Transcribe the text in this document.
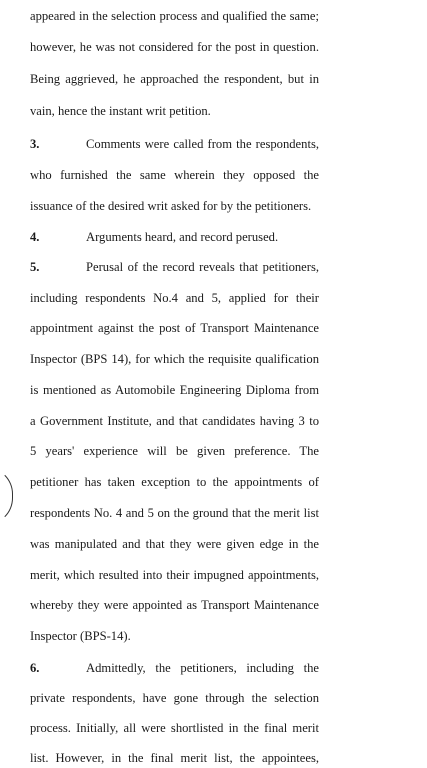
appeared in the selection process and qualified the same;
however, he was not considered for the post in question.
Being aggrieved, he approached the respondent, but in
vain, hence the instant writ petition.
3.	Comments were called from the respondents,
who furnished the same wherein they opposed the
issuance of the desired writ asked for by the petitioners.
4.	Arguments heard, and record perused.
5.	Perusal of the record reveals that petitioners,
including respondents No.4 and 5, applied for their
appointment against the post of Transport Maintenance
Inspector (BPS 14), for which the requisite qualification
is mentioned as Automobile Engineering Diploma from
a Government Institute, and that candidates having 3 to
5 years' experience will be given preference. The
petitioner has taken exception to the appointments of
respondents No. 4 and 5 on the ground that the merit list
was manipulated and that they were given edge in the
merit, which resulted into their impugned appointments,
whereby they were appointed as Transport Maintenance
Inspector (BPS-14).
6.	Admittedly, the petitioners, including the
private respondents, have gone through the selection
process. Initially, all were shortlisted in the final merit
list. However, in the final merit list, the appointees,
